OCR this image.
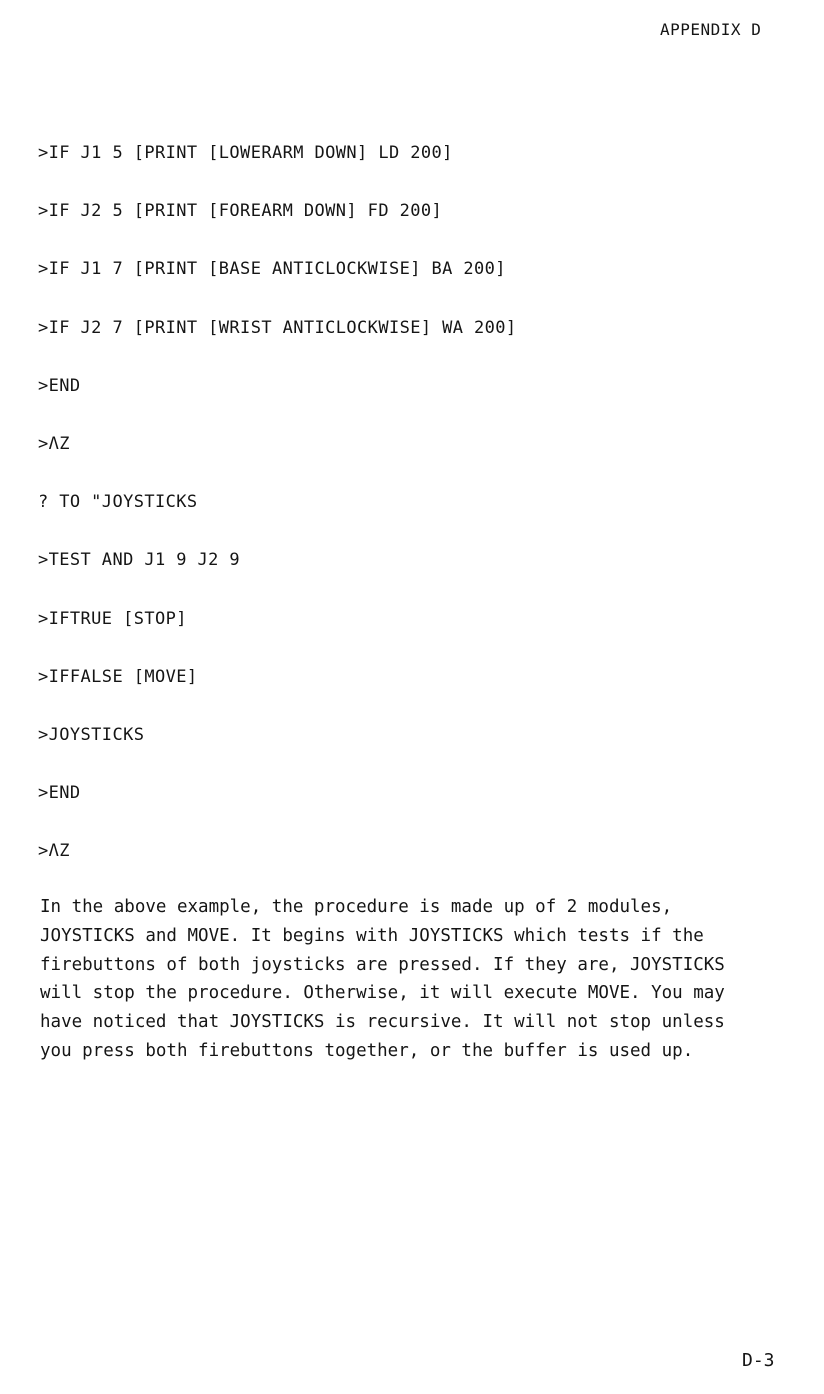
APPENDIX D
>IF J1 5 [PRINT [LOWERARM DOWN] LD 200]
>IF J2 5 [PRINT [FOREARM DOWN] FD 200]
>IF J1 7 [PRINT [BASE ANTICLOCKWISE] BA 200]
>IF J2 7 [PRINT [WRIST ANTICLOCKWISE] WA 200]
>END
>ΛZ
? TO "JOYSTICKS
>TEST AND J1 9 J2 9
>IFTRUE [STOP]
>IFFALSE [MOVE]
>JOYSTICKS
>END
>ΛZ
In the above example, the procedure is made up of 2 modules,
JOYSTICKS and MOVE. It begins with JOYSTICKS which tests if the
firebuttons of both joysticks are pressed. If they are, JOYSTICKS
will stop the procedure. Otherwise, it will execute MOVE. You may
have noticed that JOYSTICKS is recursive. It will not stop unless
you press both firebuttons together, or the buffer is used up.
D-3
